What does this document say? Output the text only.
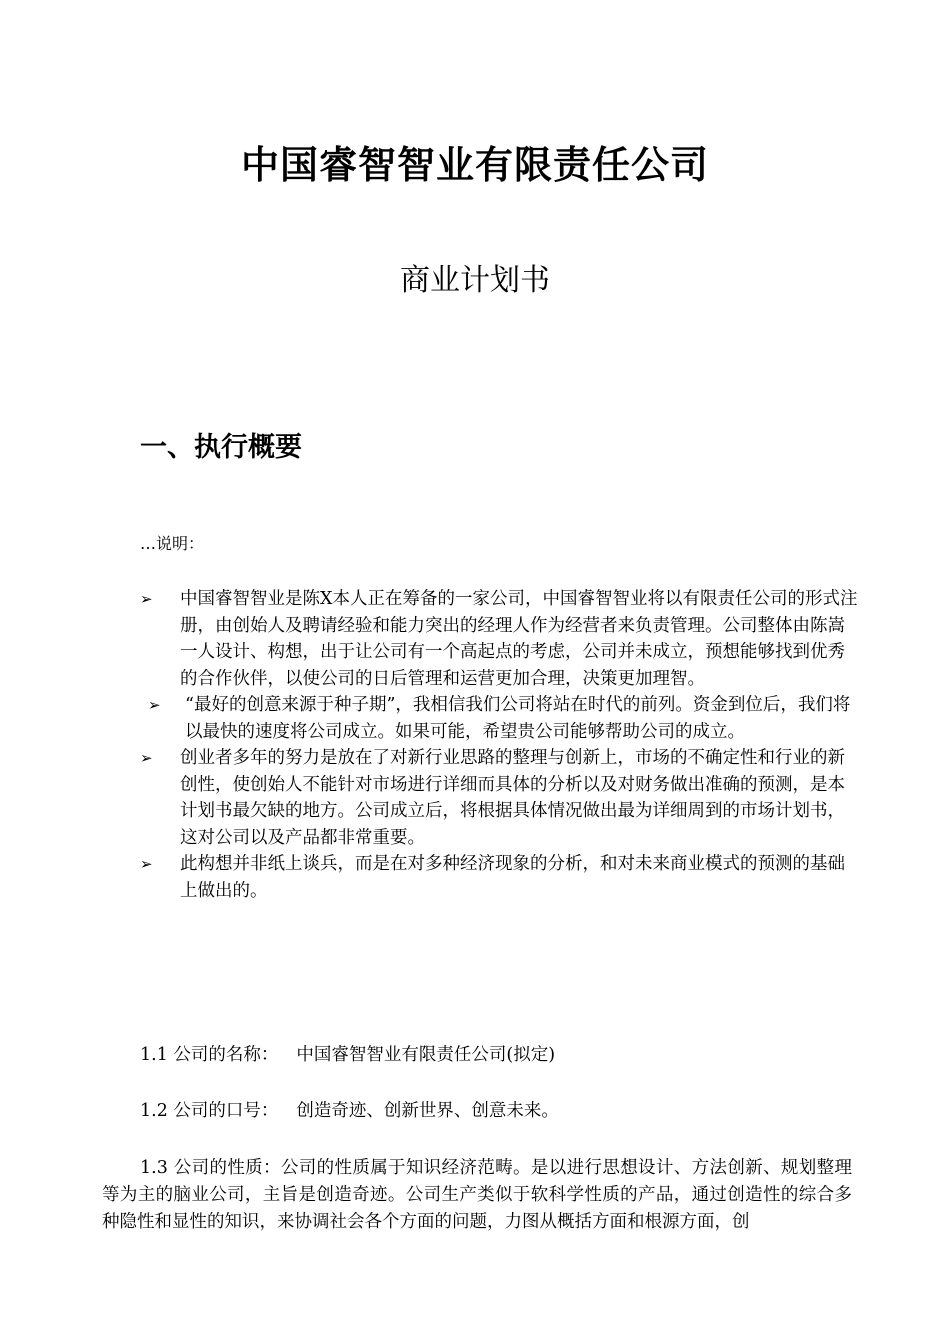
中国睿智智业有限责任公司
商业计划书
一、执行概要
…说明：
➢ 中国睿智智业是陈X本人正在筹备的一家公司，中国睿智智业将以有限责任公司的形式注册，由创始人及聘请经验和能力突出的经理人作为经营者来负责管理。公司整体由陈嵩一人设计、构想，出于让公司有一个高起点的考虑，公司并未成立，预想能够找到优秀的合作伙伴，以使公司的日后管理和运营更加合理，决策更加理智。
➢ “最好的创意来源于种子期”，我相信我们公司将站在时代的前列。资金到位后，我们将以最快的速度将公司成立。如果可能，希望贵公司能够帮助公司的成立。
➢ 创业者多年的努力是放在了对新行业思路的整理与创新上，市场的不确定性和行业的新创性，使创始人不能针对市场进行详细而具体的分析以及对财务做出准确的预测，是本计划书最欠缺的地方。公司成立后，将根据具体情况做出最为详细周到的市场计划书，这对公司以及产品都非常重要。
➢ 此构想并非纸上谈兵，而是在对多种经济现象的分析，和对未来商业模式的预测的基础上做出的。
1.1 公司的名称： 中国睿智智业有限责任公司(拟定)
1.2 公司的口号： 创造奇迹、创新世界、创意未来。

1.3 公司的性质：公司的性质属于知识经济范畴。是以进行思想设计、方法创新、规划整理等为主的脑业公司，主旨是创造奇迹。公司生产类似于软科学性质的产品，通过创造性的综合多种隐性和显性的知识，来协调社会各个方面的问题，力图从概括方面和根源方面，创
